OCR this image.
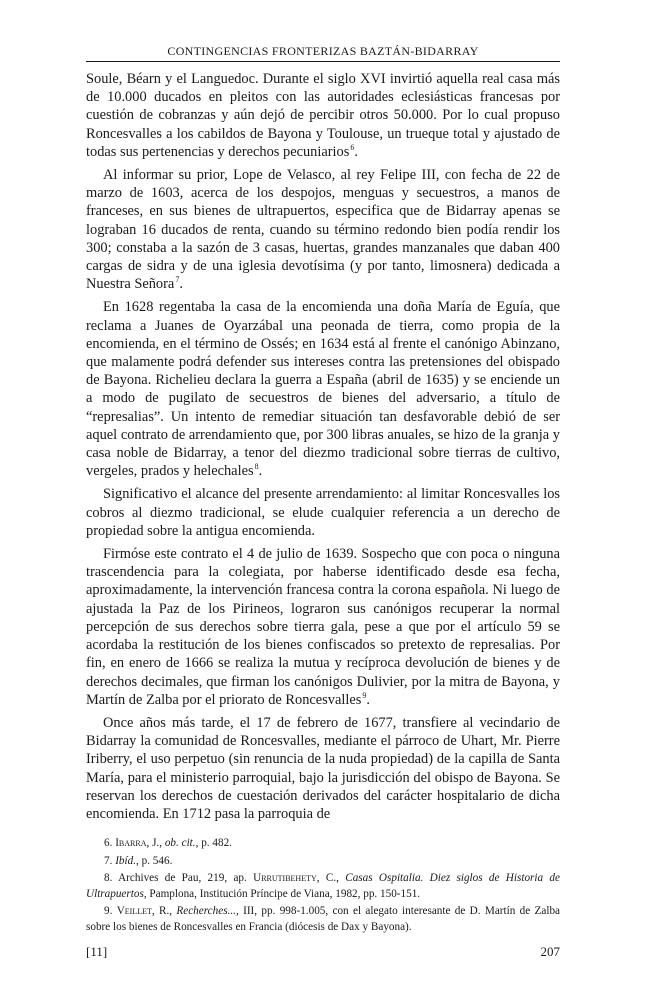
CONTINGENCIAS FRONTERIZAS BAZTÁN-BIDARRAY

Soule, Béarn y el Languedoc. Durante el siglo XVI invirtió aquella real casa más de 10.000 ducados en pleitos con las autoridades eclesiásticas francesas por cuestión de cobranzas y aún dejó de percibir otros 50.000. Por lo cual propuso Roncesvalles a los cabildos de Bayona y Toulouse, un trueque total y ajustado de todas sus pertenencias y derechos pecuniarios$^6$.

Al informar su prior, Lope de Velasco, al rey Felipe III, con fecha de 22 de marzo de 1603, acerca de los despojos, menguas y secuestros, a manos de franceses, en sus bienes de ultrapuertos, especifica que de Bidarray apenas se lograban 16 ducados de renta, cuando su término redondo bien podía rendir los 300; constaba a la sazón de 3 casas, huertas, grandes manzanales que daban 400 cargas de sidra y de una iglesia devotísima (y por tanto, limosnera) dedicada a Nuestra Señora$^7$.

En 1628 regentaba la casa de la encomienda una doña María de Eguía, que reclama a Juanes de Oyarzábal una peonada de tierra, como propia de la encomienda, en el término de Ossés; en 1634 está al frente el canónigo Abinzano, que malamente podrá defender sus intereses contra las pretensiones del obispado de Bayona. Richelieu declara la guerra a España (abril de 1635) y se enciende un a modo de pugilato de secuestros de bienes del adversario, a título de “represalias”. Un intento de remediar situación tan desfavorable debió de ser aquel contrato de arrendamiento que, por 300 libras anuales, se hizo de la granja y casa noble de Bidarray, a tenor del diezmo tradicional sobre tierras de cultivo, vergeles, prados y helechales$^8$.

Significativo el alcance del presente arrendamiento: al limitar Roncesvalles los cobros al diezmo tradicional, se elude cualquier referencia a un derecho de propiedad sobre la antigua encomienda.

Firmóse este contrato el 4 de julio de 1639. Sospecho que con poca o ninguna trascendencia para la colegiata, por haberse identificado desde esa fecha, aproximadamente, la intervención francesa contra la corona española. Ni luego de ajustada la Paz de los Pirineos, lograron sus canónigos recuperar la normal percepción de sus derechos sobre tierra gala, pese a que por el artículo 59 se acordaba la restitución de los bienes confiscados so pretexto de represalias. Por fin, en enero de 1666 se realiza la mutua y recíproca devolución de bienes y de derechos decimales, que firman los canónigos Dulivier, por la mitra de Bayona, y Martín de Zalba por el priorato de Roncesvalles$^9$.

Once años más tarde, el 17 de febrero de 1677, transfiere al vecindario de Bidarray la comunidad de Roncesvalles, mediante el párroco de Uhart, Mr. Pierre Iriberry, el uso perpetuo (sin renuncia de la nuda propiedad) de la capilla de Santa María, para el ministerio parroquial, bajo la jurisdicción del obispo de Bayona. Se reservan los derechos de cuestación derivados del carácter hospitalario de dicha encomienda. En 1712 pasa la parroquia de

6. Ibarra, J., ob. cit., p. 482.

7. Ibíd., p. 546.

8. Archives de Pau, 219, ap. Urrutibehety, C., Casas Ospitalia. Diez siglos de Historia de Ultrapuertos, Pamplona, Institución Príncipe de Viana, 1982, pp. 150-151.

9. Veillet, R., Recherches..., III, pp. 998-1.005, con el alegato interesante de D. Martín de Zalba sobre los bienes de Roncesvalles en Francia (diócesis de Dax y Bayona).

[11]	207
